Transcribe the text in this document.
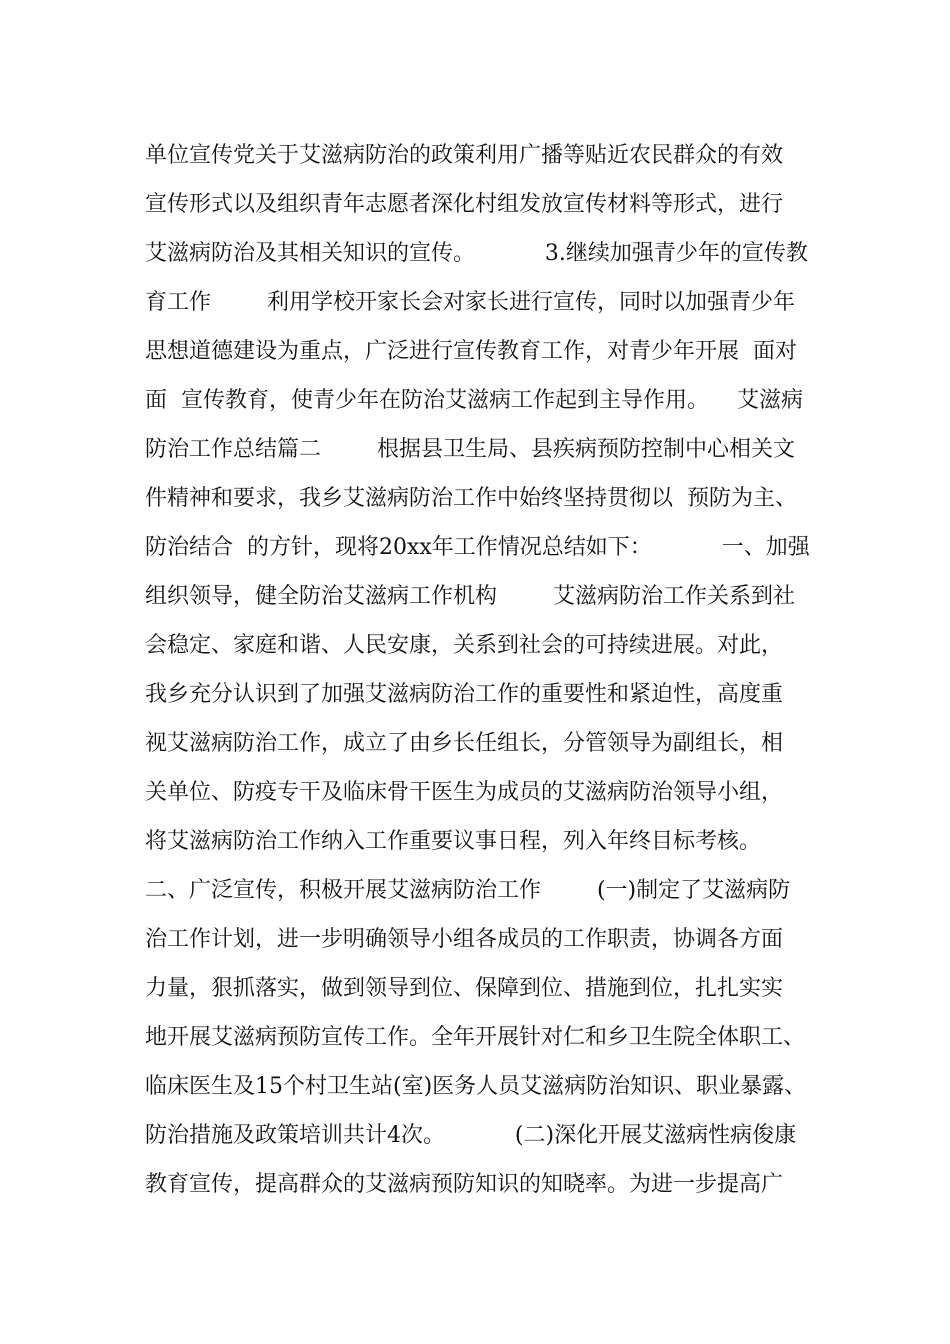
单位宣传党关于艾滋病防治的政策利用广播等贴近农民群众的有效
宣传形式以及组织青年志愿者深化村组发放宣传材料等形式，进行
艾滋病防治及其相关知识的宣传。          3.继续加强青少年的宣传教
育工作        利用学校开家长会对家长进行宣传，同时以加强青少年
思想道德建设为重点，广泛进行宣传教育工作，对青少年开展  面对
面  宣传教育，使青少年在防治艾滋病工作起到主导作用。    艾滋病
防治工作总结篇二        根据县卫生局、县疾病预防控制中心相关文
件精神和要求，我乡艾滋病防治工作中始终坚持贯彻以  预防为主、
防治结合  的方针，现将20xx年工作情况总结如下：          一、加强
组织领导，健全防治艾滋病工作机构        艾滋病防治工作关系到社
会稳定、家庭和谐、人民安康，关系到社会的可持续进展。对此，
我乡充分认识到了加强艾滋病防治工作的重要性和紧迫性，高度重
视艾滋病防治工作，成立了由乡长任组长，分管领导为副组长，相
关单位、防疫专干及临床骨干医生为成员的艾滋病防治领导小组，
将艾滋病防治工作纳入工作重要议事日程，列入年终目标考核。
二、广泛宣传，积极开展艾滋病防治工作        (一)制定了艾滋病防
治工作计划，进一步明确领导小组各成员的工作职责，协调各方面
力量，狠抓落实，做到领导到位、保障到位、措施到位，扎扎实实
地开展艾滋病预防宣传工作。全年开展针对仁和乡卫生院全体职工、
临床医生及15个村卫生站(室)医务人员艾滋病防治知识、职业暴露、
防治措施及政策培训共计4次。          (二)深化开展艾滋病性病俊康
教育宣传，提高群众的艾滋病预防知识的知晓率。为进一步提高广
